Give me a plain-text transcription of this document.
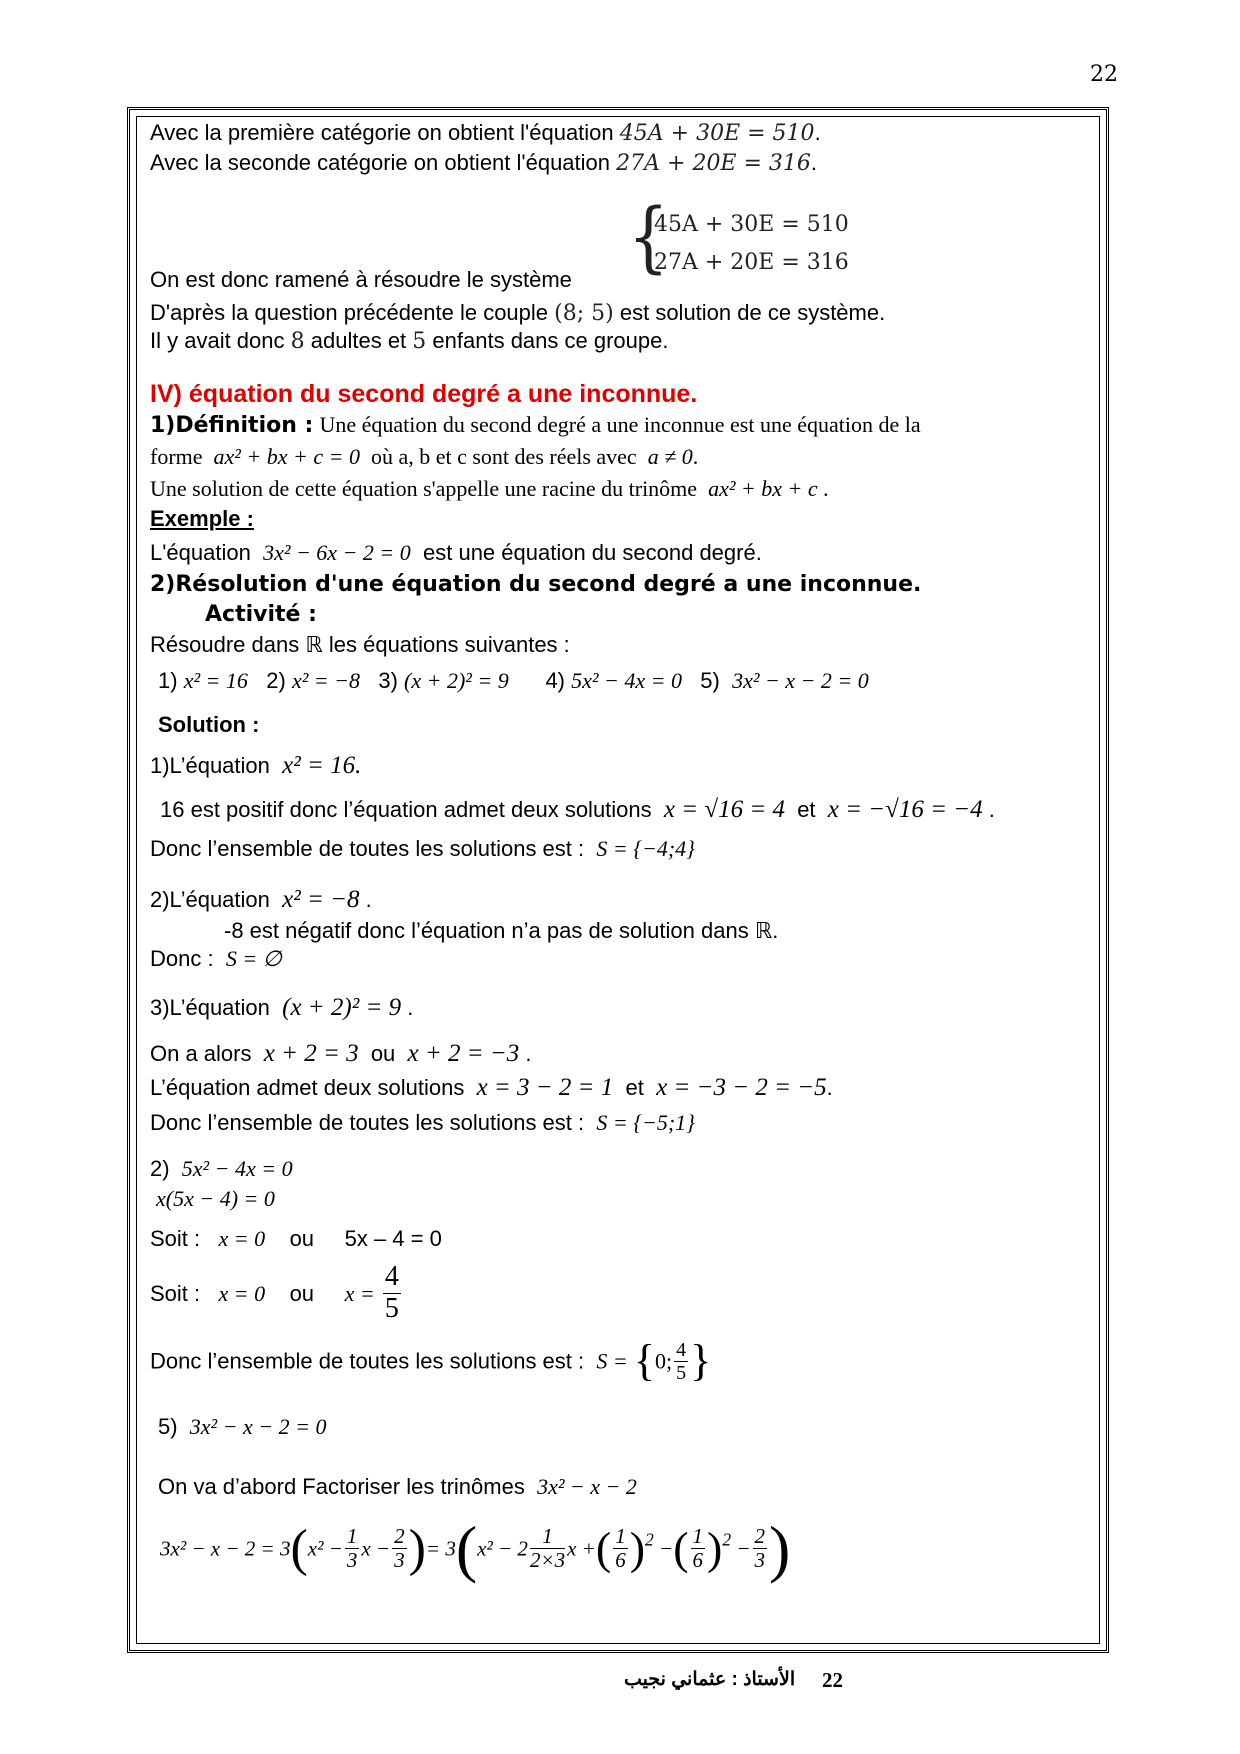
22
Avec la première catégorie on obtient l'équation 45A + 30E = 510.
Avec la seconde catégorie on obtient l'équation 27A + 20E = 316.
{
45A + 30E = 510
27A + 20E = 316
On est donc ramené à résoudre le système
D'après la question précédente le couple (8; 5) est solution de ce système.
Il y avait donc 8 adultes et 5 enfants dans ce groupe.
IV) équation du second degré a une inconnue.
1)Définition : Une équation du second degré a une inconnue est une équation de la
forme ax² + bx + c = 0 où a, b et c sont des réels avec a ≠ 0.
Une solution de cette équation s'appelle une racine du trinôme ax² + bx + c .
Exemple :
L'équation 3x² − 6x − 2 = 0 est une équation du second degré.
2)Résolution d'une équation du second degré a une inconnue.
Activité :
Résoudre dans ℝ les équations suivantes :
1) x² = 16 2) x² = −8 3) (x + 2)² = 9 4) 5x² − 4x = 0 5) 3x² − x − 2 = 0
Solution :
1)L’équation x² = 16.
16 est positif donc l’équation admet deux solutions x = √16 = 4 et x = −√16 = −4 .
Donc l’ensemble de toutes les solutions est : S = {−4;4}
2)L’équation x² = −8 .
-8 est négatif donc l’équation n’a pas de solution dans ℝ.
Donc : S = ∅
3)L’équation (x + 2)² = 9 .
On a alors x + 2 = 3 ou x + 2 = −3 .
L’équation admet deux solutions x = 3 − 2 = 1 et x = −3 − 2 = −5.
Donc l’ensemble de toutes les solutions est : S = {−5;1}
2) 5x² − 4x = 0
x(5x − 4) = 0
Soit : x = 0 ou 5x – 4 = 0
Soit : x = 0 ou $x = \frac{4}{5}$
Donc l’ensemble de toutes les solutions est : S = {0; $\frac{4}{5}$ }
5) 3x² − x − 2 = 0
On va d’abord Factoriser les trinômes 3x² − x − 2
$3x^2 - x - 2 = 3(x^2 - \frac{1}{3}$ $x - \frac{2}{3}$ )= $3(x^2 - 2 \frac{1}{2\times 3}$ x +( $\frac{1}{6} )^2$ −( $\frac{1}{6} )^2 - \frac{2}{3}$ )
الأستاذ : عثماني نجيب 22
